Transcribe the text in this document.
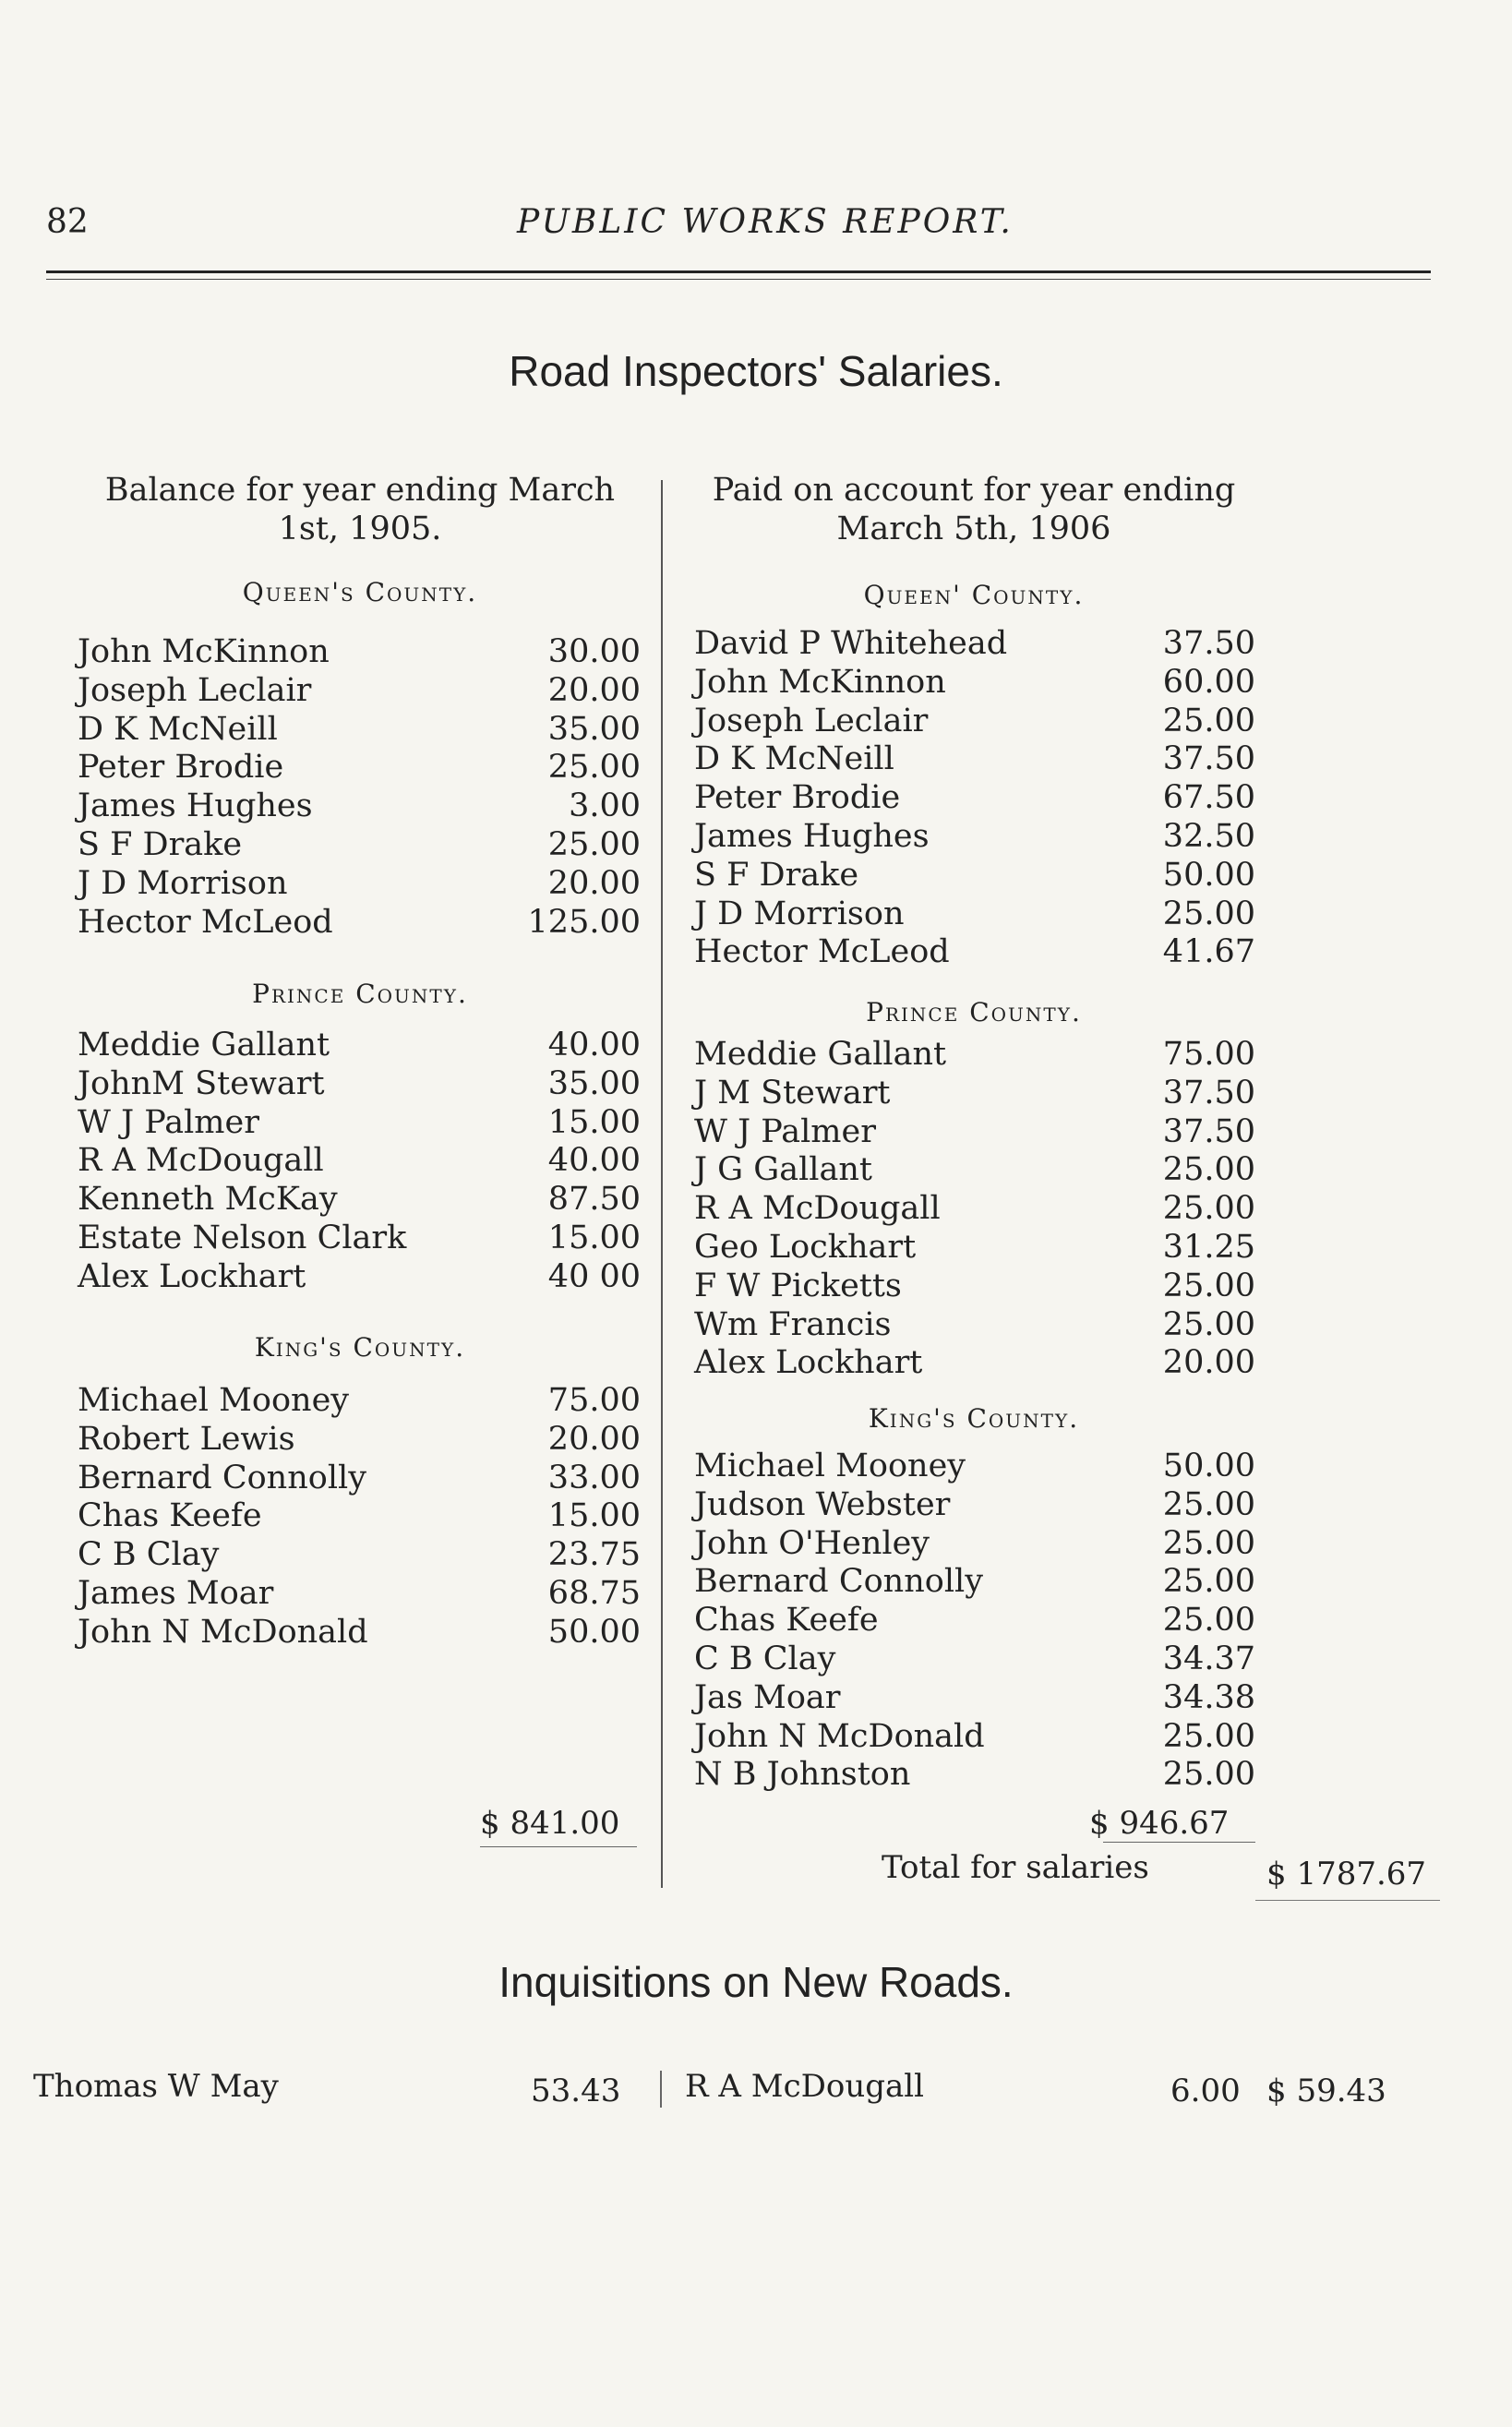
82	PUBLIC WORKS REPORT.
Road Inspectors' Salaries.
Balance for year ending March 1st, 1905.
Queen's County.
John McKinnon	30.00
Joseph Leclair	20.00
D K McNeill	35.00
Peter Brodie	25.00
James Hughes	3.00
S F Drake	25.00
J D Morrison	20.00
Hector McLeod	125.00
Prince County.
Meddie Gallant	40.00
JohnM Stewart	35.00
W J Palmer	15.00
R A McDougall	40.00
Kenneth McKay	87.50
Estate Nelson Clark	15.00
Alex Lockhart	40 00
King's County.
Michael Mooney	75.00
Robert Lewis	20.00
Bernard Connolly	33.00
Chas Keefe	15.00
C B Clay	23.75
James Moar	68.75
John N McDonald	50.00
$ 841.00
Paid on account for year ending March 5th, 1906
Queen' County.
David P Whitehead	37.50
John McKinnon	60.00
Joseph Leclair	25.00
D K McNeill	37.50
Peter Brodie	67.50
James Hughes	32.50
S F Drake	50.00
J D Morrison	25.00
Hector McLeod	41.67
Prince County.
Meddie Gallant	75.00
J M Stewart	37.50
W J Palmer	37.50
J G Gallant	25.00
R A McDougall	25.00
Geo Lockhart	31.25
F W Picketts	25.00
Wm Francis	25.00
Alex Lockhart	20.00
King's County.
Michael Mooney	50.00
Judson Webster	25.00
John O'Henley	25.00
Bernard Connolly	25.00
Chas Keefe	25.00
C B Clay	34.37
Jas Moar	34.38
John N McDonald	25.00
N B Johnston	25.00
$ 946.67
Total for salaries	$ 1787.67
Inquisitions on New Roads.
Thomas W May	53.43 R A McDougall	6.00 $ 59.43
